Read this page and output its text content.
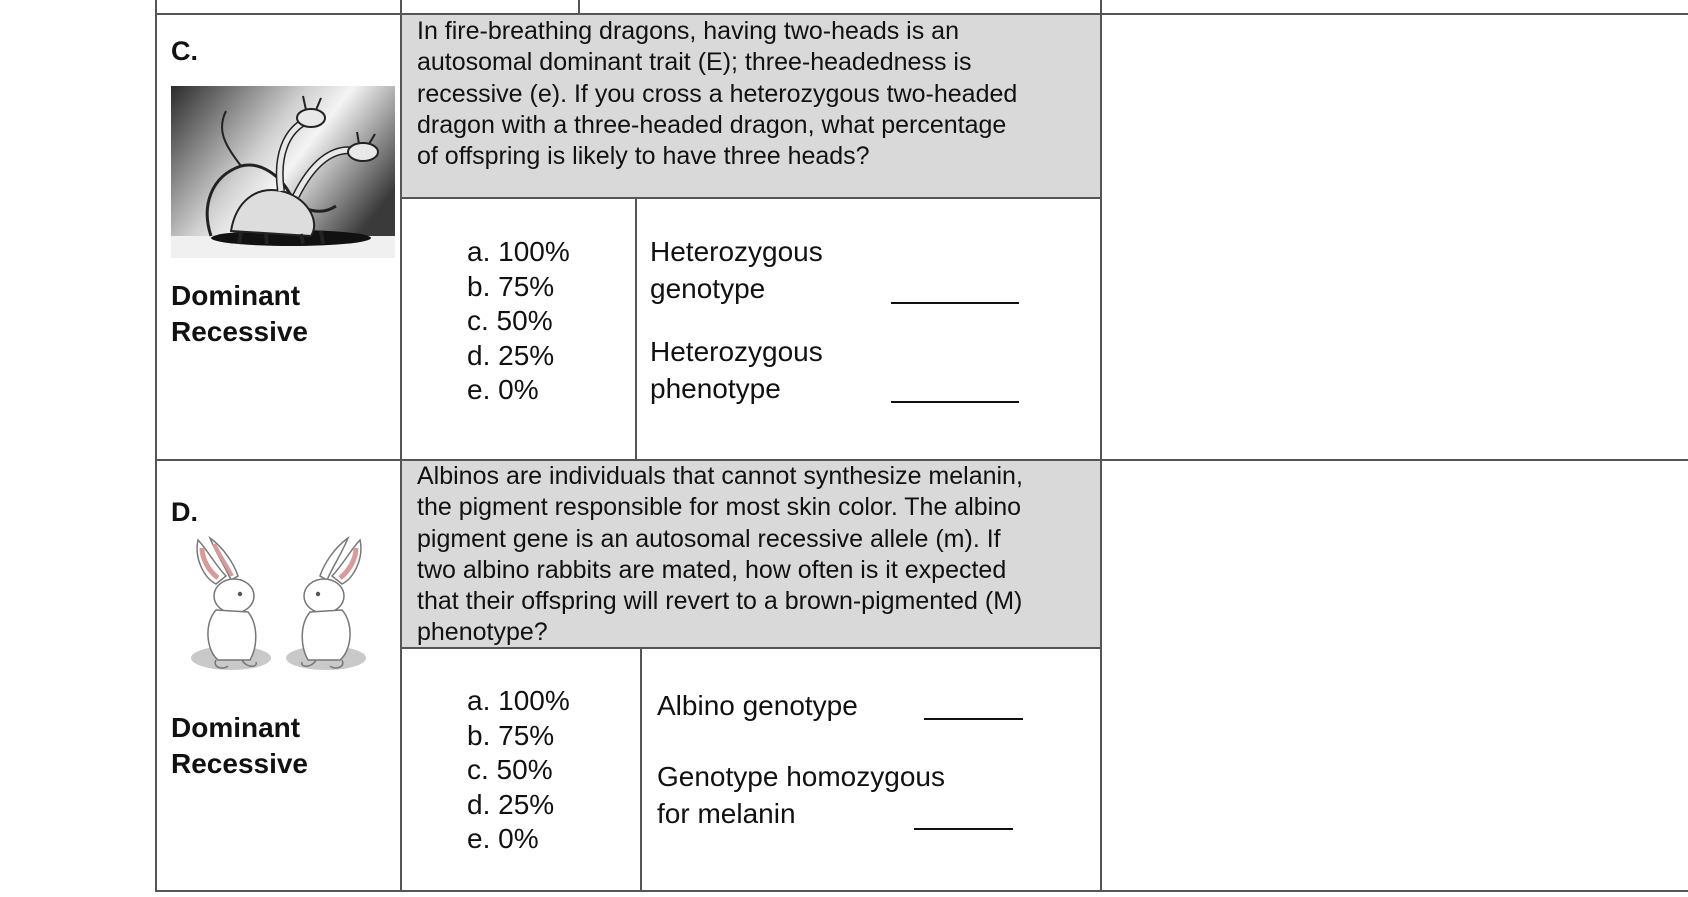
C.
Dominant
Recessive
In fire-breathing dragons, having two-heads is an
autosomal dominant trait (E); three-headedness is
recessive (e). If you cross a heterozygous two-headed
dragon with a three-headed dragon, what percentage
of offspring is likely to have three heads?
a. 100%
b. 75%
c. 50%
d. 25%
e. 0%
Heterozygous
genotype
Heterozygous
phenotype
D.
Dominant
Recessive
Albinos are individuals that cannot synthesize melanin,
the pigment responsible for most skin color. The albino
pigment gene is an autosomal recessive allele (m). If
two albino rabbits are mated, how often is it expected
that their offspring will revert to a brown-pigmented (M)
phenotype?
a. 100%
b. 75%
c. 50%
d. 25%
e. 0%
Albino genotype
Genotype homozygous
for melanin
